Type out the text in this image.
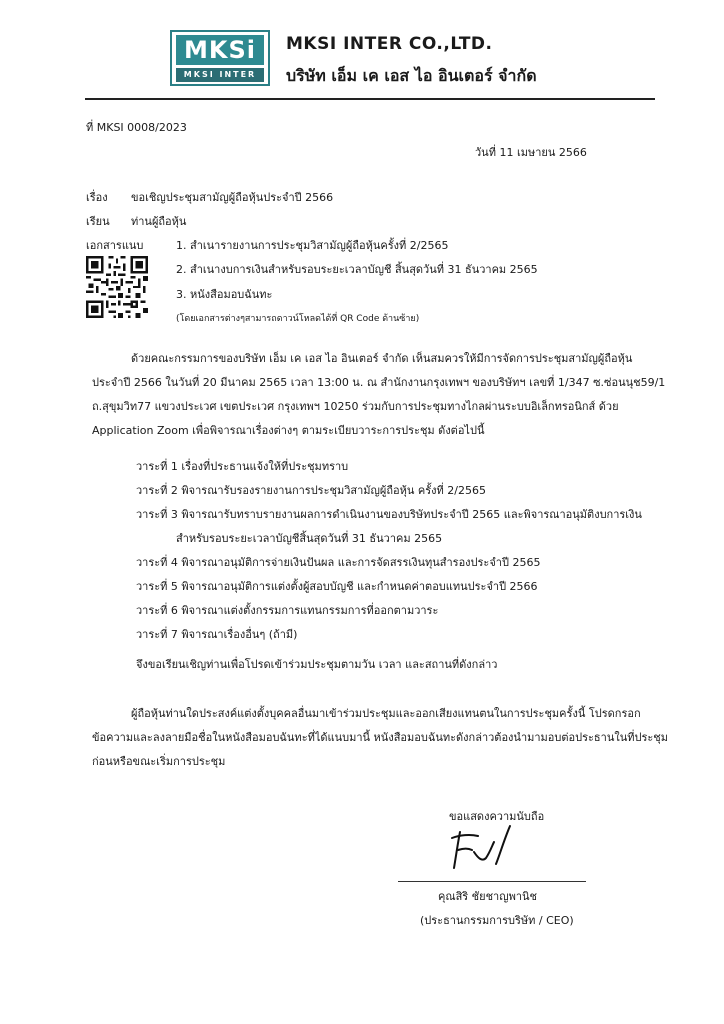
MKSi
MKSI INTER
MKSI INTER CO.,LTD.
บริษัท เอ็ม เค เอส ไอ อินเตอร์ จำกัด
ที่ MKSI 0008/2023
วันที่ 11 เมษายน 2566
เรื่อง ขอเชิญประชุมสามัญผู้ถือหุ้นประจำปี 2566
เรียน ท่านผู้ถือหุ้น
เอกสารแนบ	1. สำเนารายงานการประชุมวิสามัญผู้ถือหุ้นครั้งที่ 2/2565
2. สำเนางบการเงินสำหรับรอบระยะเวลาบัญชี สิ้นสุดวันที่ 31 ธันวาคม 2565
3. หนังสือมอบฉันทะ
(โดยเอกสารต่างๆสามารถดาวน์โหลดได้ที่ QR Code ด้านซ้าย)
ด้วยคณะกรรมการของบริษัท เอ็ม เค เอส ไอ อินเตอร์ จำกัด เห็นสมควรให้มีการจัดการประชุมสามัญผู้ถือหุ้น
ประจำปี 2566 ในวันที่ 20 มีนาคม 2565 เวลา 13:00 น. ณ สำนักงานกรุงเทพฯ ของบริษัทฯ เลขที่ 1/347 ซ.ซ่อนนุช59/1
ถ.สุขุมวิท77 แขวงประเวศ เขตประเวศ กรุงเทพฯ 10250 ร่วมกับการประชุมทางไกลผ่านระบบอิเล็กทรอนิกส์ ด้วย
Application Zoom เพื่อพิจารณาเรื่องต่างๆ ตามระเบียบวาระการประชุม ดังต่อไปนี้
วาระที่ 1 เรื่องที่ประธานแจ้งให้ที่ประชุมทราบ
วาระที่ 2 พิจารณารับรองรายงานการประชุมวิสามัญผู้ถือหุ้น ครั้งที่ 2/2565
วาระที่ 3 พิจารณารับทราบรายงานผลการดำเนินงานของบริษัทประจำปี 2565 และพิจารณาอนุมัติงบการเงิน
สำหรับรอบระยะเวลาบัญชีสิ้นสุดวันที่ 31 ธันวาคม 2565
วาระที่ 4 พิจารณาอนุมัติการจ่ายเงินปันผล และการจัดสรรเงินทุนสำรองประจำปี 2565
วาระที่ 5 พิจารณาอนุมัติการแต่งตั้งผู้สอบบัญชี และกำหนดค่าตอบแทนประจำปี 2566
วาระที่ 6 พิจารณาแต่งตั้งกรรมการแทนกรรมการที่ออกตามวาระ
วาระที่ 7 พิจารณาเรื่องอื่นๆ (ถ้ามี)
จึงขอเรียนเชิญท่านเพื่อโปรดเข้าร่วมประชุมตามวัน เวลา และสถานที่ดังกล่าว
ผู้ถือหุ้นท่านใดประสงค์แต่งตั้งบุคคลอื่นมาเข้าร่วมประชุมและออกเสียงแทนตนในการประชุมครั้งนี้ โปรดกรอก
ข้อความและลงลายมือชื่อในหนังสือมอบฉันทะที่ได้แนบมานี้ หนังสือมอบฉันทะดังกล่าวต้องนำมามอบต่อประธานในที่ประชุม
ก่อนหรือขณะเริ่มการประชุม
ขอแสดงความนับถือ
คุณสิริ ชัยชาญพานิช
(ประธานกรรมการบริษัท / CEO)
